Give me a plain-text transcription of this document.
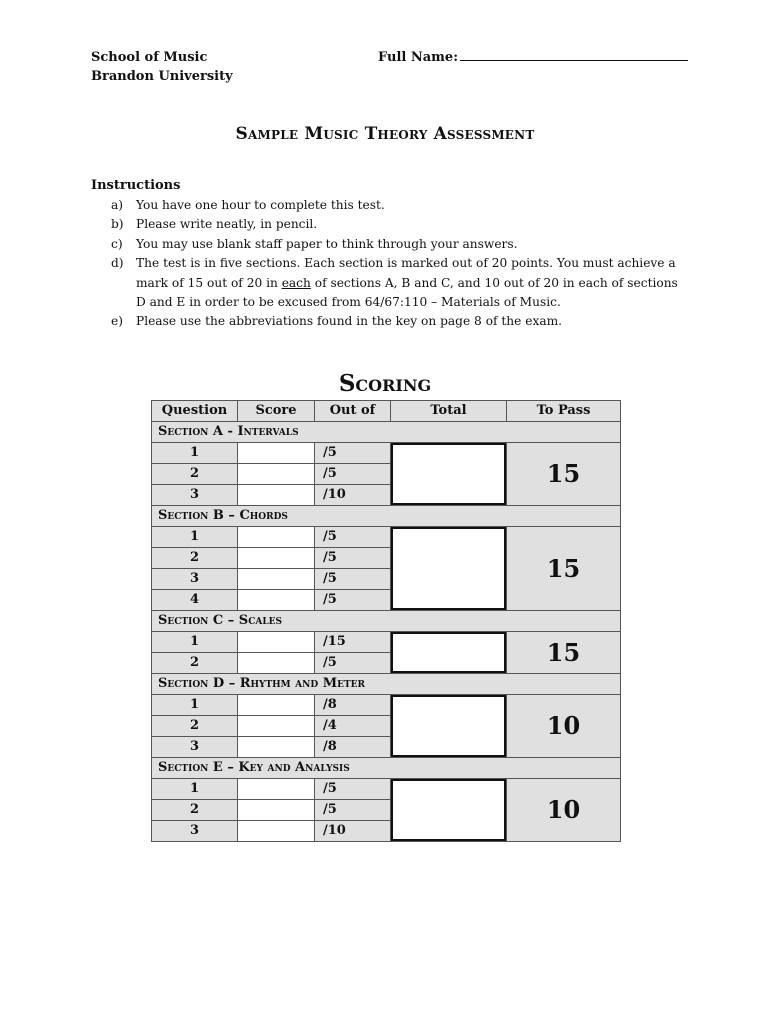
School of Music
Brandon University
Full Name:
Sample Music Theory Assessment
Instructions
a) You have one hour to complete this test.
b) Please write neatly, in pencil.
c) You may use blank staff paper to think through your answers.
d) The test is in five sections. Each section is marked out of 20 points. You must achieve a mark of 15 out of 20 in each of sections A, B and C, and 10 out of 20 in each of sections D and E in order to be excused from 64/67:110 – Materials of Music.
e) Please use the abbreviations found in the key on page 8 of the exam.
Scoring
Question	Score	Out of	Total	To Pass
Section A - Intervals				
1		/5		15
2		/5		
3		/10		
Section B – Chords				
1		/5		15
2		/5		
3		/5		
4		/5		
Section C – Scales				
1		/15		15
2		/5		
Section D – Rhythm and Meter				
1		/8		10
2		/4		
3		/8		
Section E – Key and Analysis				
1		/5		10
2		/5		
3		/10		
